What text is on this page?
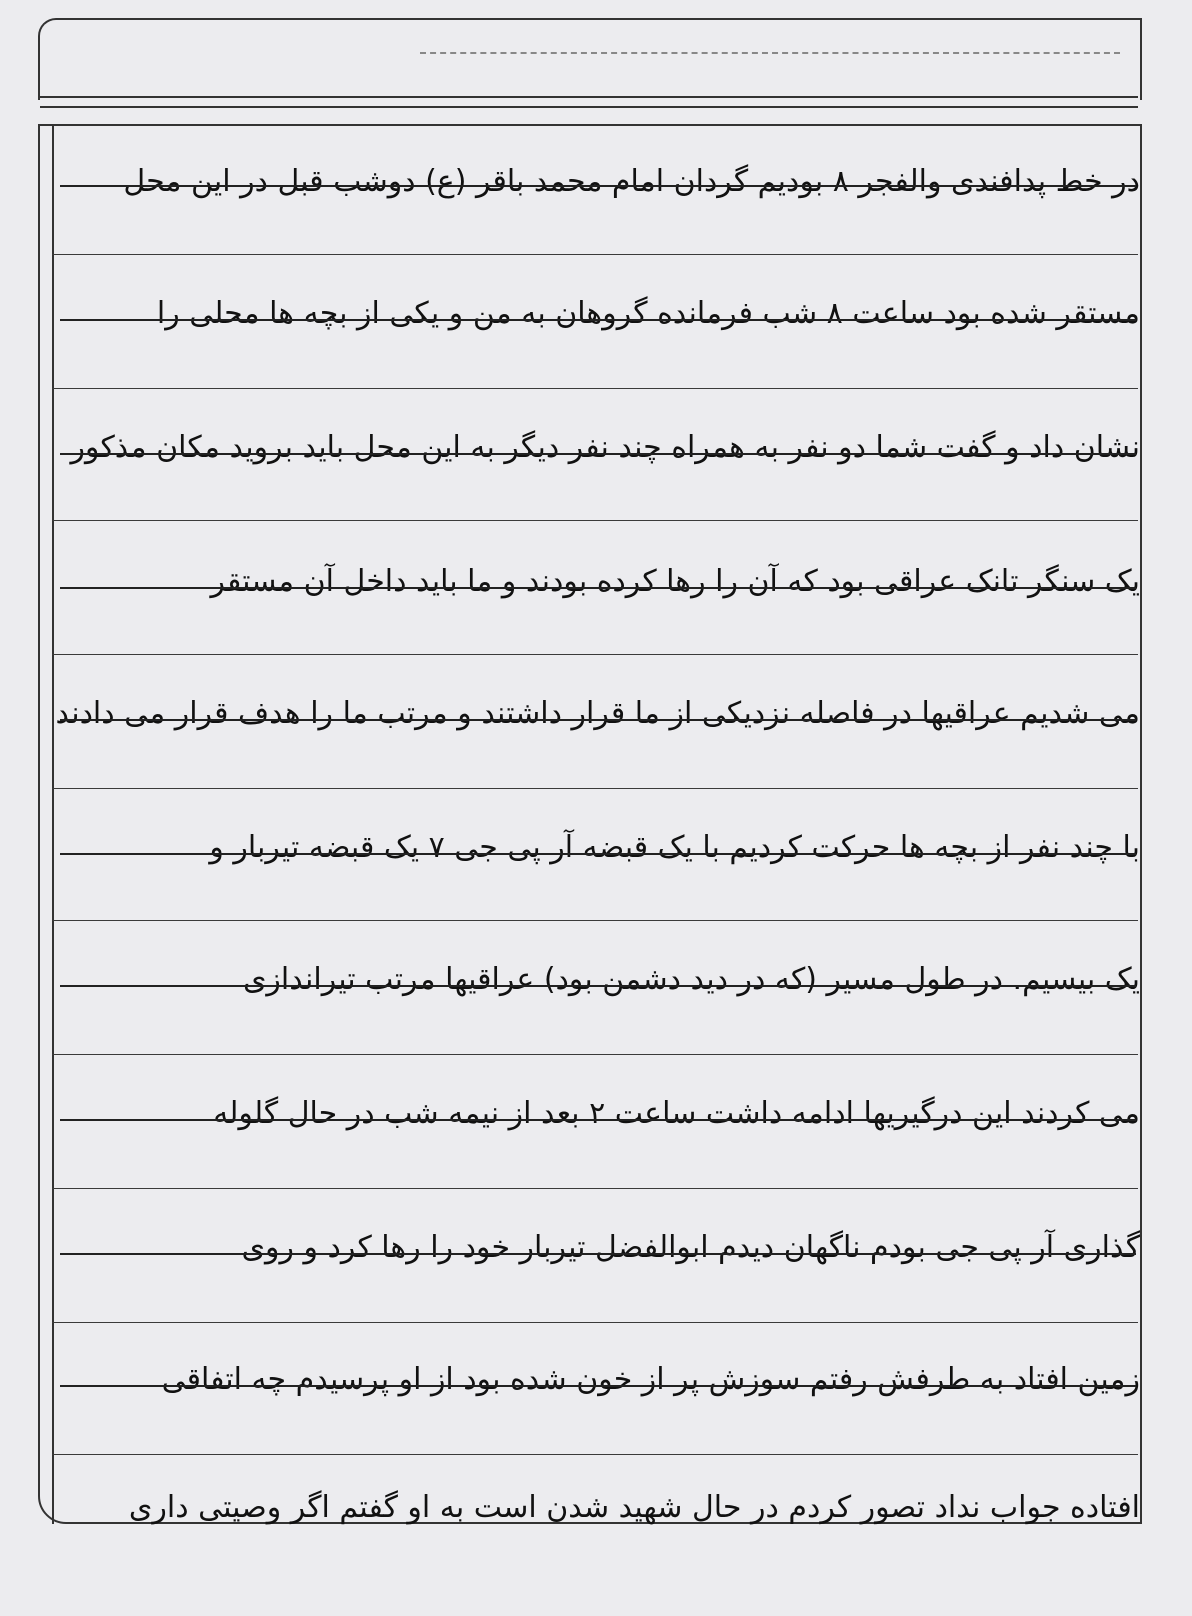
در خط پدافندی والفجر ۸ بودیم گردان امام محمد باقر (ع) دوشب قبل در این محل
مستقر شده بود ساعت ۸ شب فرمانده گروهان به من و یکی از بچه ها محلی را
نشان داد و گفت شما دو نفر به همراه چند نفر دیگر به این محل باید بروید مکان مذکور
یک سنگر تانک عراقی بود که آن را رها کرده بودند و ما باید داخل آن مستقر
می شدیم عراقیها در فاصله نزدیکی از ما قرار داشتند و مرتب ما را هدف قرار می دادند
با چند نفر از بچه ها حرکت کردیم با یک قبضه آر پی جی ۷ یک قبضه تیربار و
یک بیسیم. در طول مسیر (که در دید دشمن بود) عراقیها مرتب تیراندازی
می کردند این درگیریها ادامه داشت ساعت ۲ بعد از نیمه شب در حال گلوله
گذاری آر پی جی بودم ناگهان دیدم ابوالفضل تیربار خود را رها کرد و روی
زمین افتاد به طرفش رفتم سوزش پر از خون شده بود از او پرسیدم چه اتفاقی
افتاده جواب نداد تصور کردم در حال شهید شدن است به او گفتم اگر وصیتی داری
